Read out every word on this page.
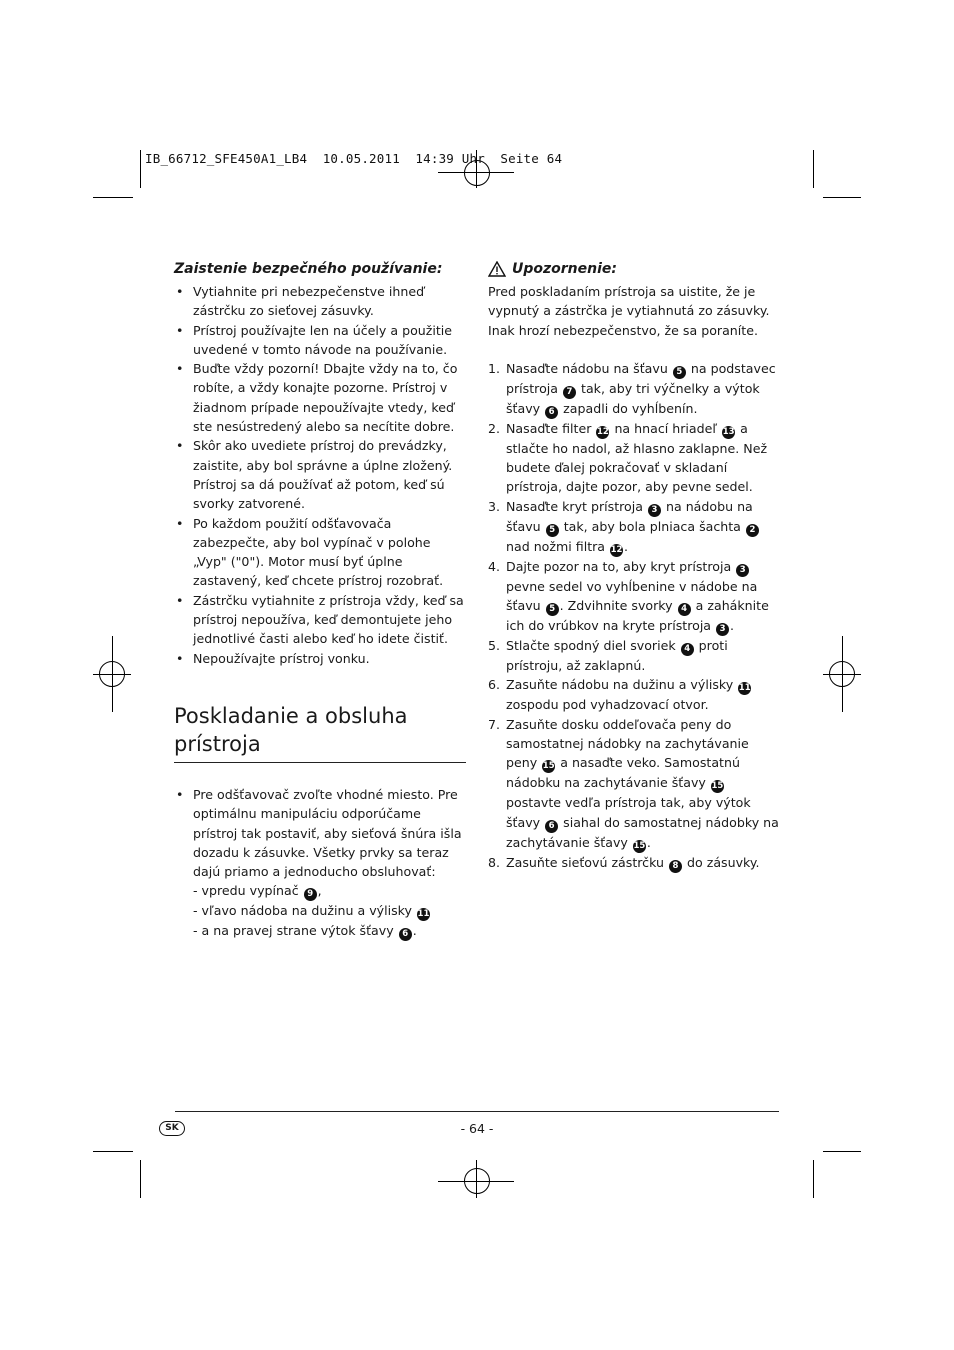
IB_66712_SFE450A1_LB4  10.05.2011  14:39 Uhr  Seite 64
Zaistenie bezpečného používanie:
• Vytiahnite pri nebezpečenstve ihneď zástrčku zo sieťovej zásuvky.
• Prístroj používajte len na účely a použitie uvedené v tomto návode na používanie.
• Buďte vždy pozorní! Dbajte vždy na to, čo robíte, a vždy konajte pozorne. Prístroj v žiadnom prípade nepoužívajte vtedy, keď ste nesústredený alebo sa necítite dobre.
• Skôr ako uvediete prístroj do prevádzky, zaistite, aby bol správne a úplne zložený. Prístroj sa dá používať až potom, keď sú svorky zatvorené.
• Po každom použití odšťavovača zabezpečte, aby bol vypínač v polohe „Vyp" ("0"). Motor musí byť úplne zastavený, keď chcete prístroj rozobrať.
• Zástrčku vytiahnite z prístroja vždy, keď sa prístroj nepoužíva, keď demontujete jeho jednotlivé časti alebo keď ho idete čistiť.
• Nepoužívajte prístroj vonku.
Poskladanie a obsluha prístroja
• Pre odšťavovač zvoľte vhodné miesto. Pre optimálnu manipuláciu odporúčame prístroj tak postaviť, aby sieťová šnúra išla dozadu k zásuvke. Všetky prvky sa teraz dajú priamo a jednoducho obsluhovať:
- vpredu vypínač 9 ,
- vľavo nádoba na dužinu a výlisky 11
- a na pravej strane výtok šťavy 6 .
Upozornenie:

Pred poskladaním prístroja sa uistite, že je vypnutý a zástrčka je vytiahnutá zo zásuvky. Inak hrozí nebezpečenstvo, že sa poraníte.

1. Nasaďte nádobu na šťavu 5 na podstavec prístroja 7 tak, aby tri výčnelky a výtok šťavy 6 zapadli do vyhĺbenín.
2. Nasaďte filter 12 na hnací hriadeľ 13 a stlačte ho nadol, až hlasno zaklapne. Než budete ďalej pokračovať v skladaní prístroja, dajte pozor, aby pevne sedel.
3. Nasaďte kryt prístroja 3 na nádobu na šťavu 5 tak, aby bola plniaca šachta 2 nad nožmi filtra 12 .
4. Dajte pozor na to, aby kryt prístroja 3 pevne sedel vo vyhĺbenine v nádobe na šťavu 5 . Zdvihnite svorky 4 a zaháknite ich do vrúbkov na kryte prístroja 3 .
5. Stlačte spodný diel svoriek 4 proti prístroju, až zaklapnú.
6. Zasuňte nádobu na dužinu a výlisky 11 zospodu pod vyhadzovací otvor.
7. Zasuňte dosku oddeľovača peny do samostatnej nádobky na zachytávanie peny 15 a nasaďte veko. Samostatnú nádobku na zachytávanie šťavy 15 postavte vedľa prístroja tak, aby výtok šťavy 6 siahal do samostatnej nádobky na zachytávanie šťavy 15 .
8. Zasuňte sieťovú zástrčku 8 do zásuvky.
SK	- 64 -
